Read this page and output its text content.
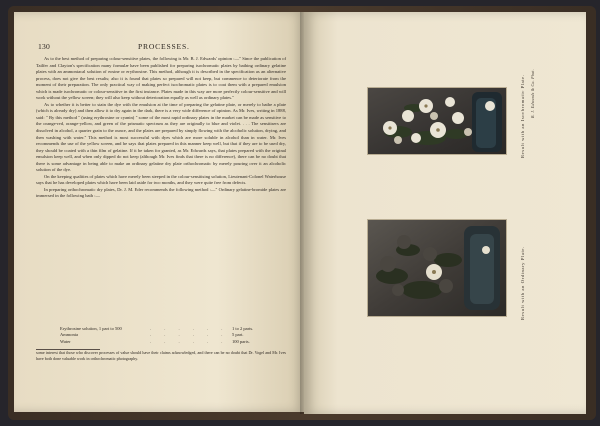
130	PROCESSES.

As to the best method of preparing colour-sensitive plates, the following is Mr. B. J. Edwards' opinion :—" Since the publication of Tailfer and Clayton's specification many formulæ have been published for preparing isochromatic plates by bathing ordinary gelatine plates with an ammoniacal solution of eosine or erythrosine. This method, although it is described in the specification as an alternative process, does not give the best results; also it is found that plates so prepared will not keep, but commence to deteriorate from the moment of their preparation. The only practical way of making perfect isochromatic plates is to coat them with a prepared emulsion which is made isochromatic or colour-sensitive in the first instance. Plates made in this way are more perfectly colour-sensitive and will work without the yellow screen; they will also keep without deterioration equally as well as ordinary plates."

As to whether it is better to stain the dye with the emulsion at the time of preparing the gelatine plate, or merely to bathe a plate (which is already dry) and then allow it to dry again in the dark, there is a very wide difference of opinion. As Mr. Ives, writing in 1888, said: " By this method " (using erythrosine or cyanin) " some of the most rapid ordinary plates in the market can be made as sensitive to the orange-red, orange-yellow, and green of the prismatic spectrum as they are originally to blue and violet. . . . The sensitisers are dissolved in alcohol, a quarter grain to the ounce, and the plates are prepared by simply flowing with the alcoholic solution, drying, and then washing with water." This method is most successful with dyes which are more soluble in alcohol than in water. Mr. Ives recommends the use of the yellow screen, and he says that plates prepared in this manner keep well, but that if they are to be used dry, they should be coated with a thin film of gelatine. If it be taken for granted, as Mr. Edwards says, that plates prepared with the original emulsion keep well, and when only dipped do not keep (although Mr. Ives finds that there is no difference), there can be no doubt that there is some advantage in being able to make an ordinary gelatine dry plate orthochromatic by merely pouring over it an alcoholic solution of the dye.

On the keeping qualities of plates which have merely been steeped in the colour-sensitising solution, Lieutenant-Colonel Waterhouse says that he has developed plates which have been laid aside for two months, and they were quite free from defects.

In preparing orthochromatic dry plates, Dr. J. M. Eder recommends the following method :—" Ordinary gelatine-bromide plates are immersed in the following bath :—

Erythrosine solution, 1 part to 500	. . . . . . 1 to 2 parts.
Ammonia	. . . . . . 5 part.
Water	. . . . . . 100 parts.
some interest that those who discover processes of value should have their claims acknowledged, and there can be no doubt that Dr. Vogel and Mr. Ives have both done valuable work in orthochromatic photography.
Result with an Isochromatic Plate.
Result with an Ordinary Plate.
B. J. Edwards & Co. Phot.
